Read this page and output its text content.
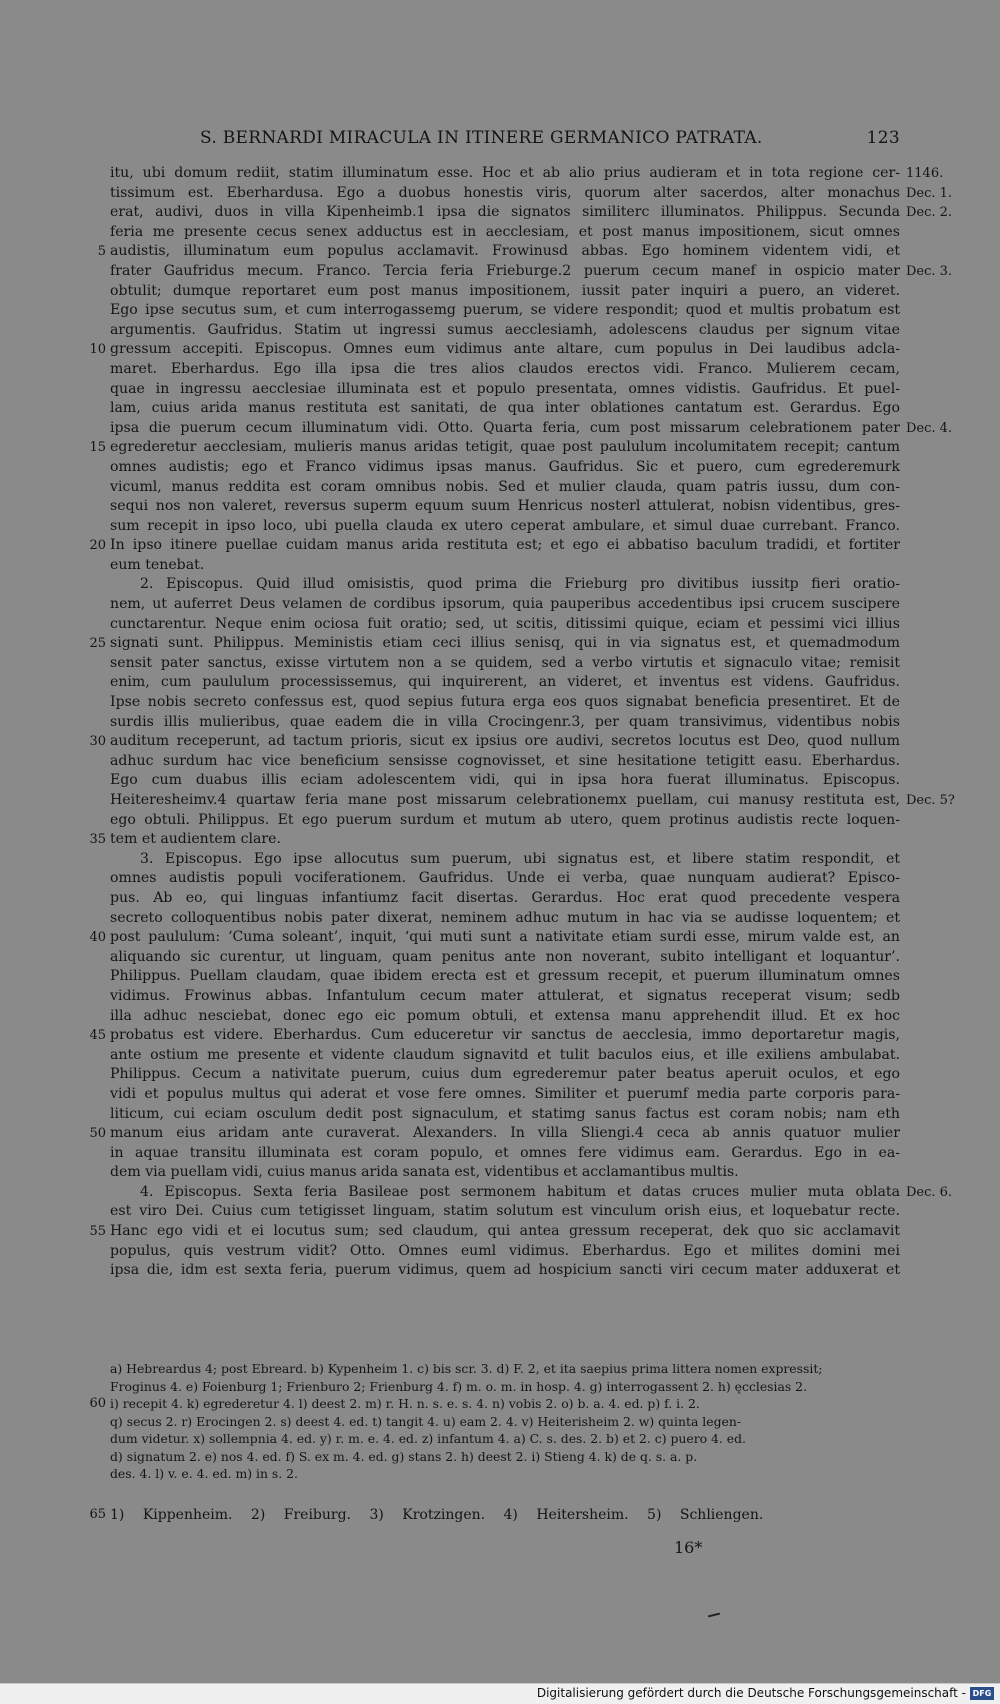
S. BERNARDI MIRACULA IN ITINERE GERMANICO PATRATA.	123
itu, ubi domum rediit, statim illuminatum esse. Hoc et ab alio prius audieram et in tota regione cer- 1146.
tissimum est. Eberhardusa. Ego a duobus honestis viris, quorum alter sacerdos, alter monachus Dec. 1.
erat, audivi, duos in villa Kipenheimb.1 ipsa die signatos similiterc illuminatos. Philippus. Secunda Dec. 2.
feria me presente cecus senex adductus est in aecclesiam, et post manus impositionem, sicut omnes
5 audistis, illuminatum eum populus acclamavit. Frowinusd abbas. Ego hominem videntem vidi, et
frater Gaufridus mecum. Franco. Tercia feria Frieburge.2 puerum cecum manef in ospicio mater Dec. 3.
obtulit; dumque reportaret eum post manus impositionem, iussit pater inquiri a puero, an videret.
Ego ipse secutus sum, et cum interrogassemg puerum, se videre respondit; quod et multis probatum est
argumentis. Gaufridus. Statim ut ingressi sumus aecclesiamh, adolescens claudus per signum vitae
10 gressum accepiti. Episcopus. Omnes eum vidimus ante altare, cum populus in Dei laudibus adcla-
maret. Eberhardus. Ego illa ipsa die tres alios claudos erectos vidi. Franco. Mulierem cecam,
quae in ingressu aecclesiae illuminata est et populo presentata, omnes vidistis. Gaufridus. Et puel-
lam, cuius arida manus restituta est sanitati, de qua inter oblationes cantatum est. Gerardus. Ego
ipsa die puerum cecum illuminatum vidi. Otto. Quarta feria, cum post missarum celebrationem pater Dec. 4.
15 egrederetur aecclesiam, mulieris manus aridas tetigit, quae post paululum incolumitatem recepit; cantum
omnes audistis; ego et Franco vidimus ipsas manus. Gaufridus. Sic et puero, cum egrederemurk
vicuml, manus reddita est coram omnibus nobis. Sed et mulier clauda, quam patris iussu, dum con-
sequi nos non valeret, reversus superm equum suum Henricus nosterl attulerat, nobisn videntibus, gres-
sum recepit in ipso loco, ubi puella clauda ex utero ceperat ambulare, et simul duae currebant. Franco.
20 In ipso itinere puellae cuidam manus arida restituta est; et ego ei abbatiso baculum tradidi, et fortiter
eum tenebat.
2. Episcopus. Quid illud omisistis, quod prima die Frieburg pro divitibus iussitp fieri oratio-
nem, ut auferret Deus velamen de cordibus ipsorum, quia pauperibus accedentibus ipsi crucem suscipere
cunctarentur. Neque enim ociosa fuit oratio; sed, ut scitis, ditissimi quique, eciam et pessimi vici illius
25 signati sunt. Philippus. Meministis etiam ceci illius senisq, qui in via signatus est, et quemadmodum
sensit pater sanctus, exisse virtutem non a se quidem, sed a verbo virtutis et signaculo vitae; remisit
enim, cum paululum processissemus, qui inquirerent, an videret, et inventus est videns. Gaufridus.
Ipse nobis secreto confessus est, quod sepius futura erga eos quos signabat beneficia presentiret. Et de
surdis illis mulieribus, quae eadem die in villa Crocingenr.3, per quam transivimus, videntibus nobis
30 auditum receperunt, ad tactum prioris, sicut ex ipsius ore audivi, secretos locutus est Deo, quod nullum
adhuc surdum hac vice beneficium sensisse cognovisset, et sine hesitatione tetigitt easu. Eberhardus.
Ego cum duabus illis eciam adolescentem vidi, qui in ipsa hora fuerat illuminatus. Episcopus.
Heiteresheimv.4 quartaw feria mane post missarum celebrationemx puellam, cui manusy restituta est, Dec. 5?
ego obtuli. Philippus. Et ego puerum surdum et mutum ab utero, quem protinus audistis recte loquen-
35 tem et audientem clare.
3. Episcopus. Ego ipse allocutus sum puerum, ubi signatus est, et libere statim respondit, et
omnes audistis populi vociferationem. Gaufridus. Unde ei verba, quae nunquam audierat? Episco-
pus. Ab eo, qui linguas infantiumz facit disertas. Gerardus. Hoc erat quod precedente vespera
secreto colloquentibus nobis pater dixerat, neminem adhuc mutum in hac via se audisse loquentem; et
40 post paululum: ‘Cuma soleant’, inquit, ‘qui muti sunt a nativitate etiam surdi esse, mirum valde est, an
aliquando sic curentur, ut linguam, quam penitus ante non noverant, subito intelligant et loquantur’.
Philippus. Puellam claudam, quae ibidem erecta est et gressum recepit, et puerum illuminatum omnes
vidimus. Frowinus abbas. Infantulum cecum mater attulerat, et signatus receperat visum; sedb
illa adhuc nesciebat, donec ego eic pomum obtuli, et extensa manu apprehendit illud. Et ex hoc
45 probatus est videre. Eberhardus. Cum educeretur vir sanctus de aecclesia, immo deportaretur magis,
ante ostium me presente et vidente claudum signavitd et tulit baculos eius, et ille exiliens ambulabat.
Philippus. Cecum a nativitate puerum, cuius dum egrederemur pater beatus aperuit oculos, et ego
vidi et populus multus qui aderat et vose fere omnes. Similiter et puerumf media parte corporis para-
liticum, cui eciam osculum dedit post signaculum, et statimg sanus factus est coram nobis; nam eth
50 manum eius aridam ante curaverat. Alexanders. In villa Sliengi.4 ceca ab annis quatuor mulier
in aquae transitu illuminata est coram populo, et omnes fere vidimus eam. Gerardus. Ego in ea-
dem via puellam vidi, cuius manus arida sanata est, videntibus et acclamantibus multis.
4. Episcopus. Sexta feria Basileae post sermonem habitum et datas cruces mulier muta oblata Dec. 6.
est viro Dei. Cuius cum tetigisset linguam, statim solutum est vinculum orish eius, et loquebatur recte.
55 Hanc ego vidi et ei locutus sum; sed claudum, qui antea gressum receperat, dek quo sic acclamavit
populus, quis vestrum vidit? Otto. Omnes euml vidimus. Eberhardus. Ego et milites domini mei
ipsa die, idm est sexta feria, puerum vidimus, quem ad hospicium sancti viri cecum mater adduxerat et
a) Hebreardus 4; post Ebreard. b) Kypenheim 1. c) bis scr. 3. d) F. 2, et ita saepius prima littera nomen expressit;
Froginus 4. e) Foienburg 1; Frienburo 2; Frienburg 4. f) m. o. m. in hosp. 4. g) interrogassent 2. h) ęcclesias 2.
60 i) recepit 4. k) egrederetur 4. l) deest 2. m) r. H. n. s. e. s. 4. n) vobis 2. o) b. a. 4. ed. p) f. i. 2.
q) secus 2. r) Erocingen 2. s) deest 4. ed. t) tangit 4. u) eam 2. 4. v) Heiterisheim 2. w) quinta legen-
dum videtur. x) sollempnia 4. ed. y) r. m. e. 4. ed. z) infantum 4. a) C. s. des. 2. b) et 2. c) puero 4. ed.
d) signatum 2. e) nos 4. ed. f) S. ex m. 4. ed. g) stans 2. h) deest 2. i) Stieng 4. k) de q. s. a. p.
des. 4. l) v. e. 4. ed. m) in s. 2.
65 1) Kippenheim. 2) Freiburg. 3) Krotzingen. 4) Heitersheim. 5) Schliengen.
16*
Digitalisierung gefördert durch die Deutsche Forschungsgemeinschaft - DFG
